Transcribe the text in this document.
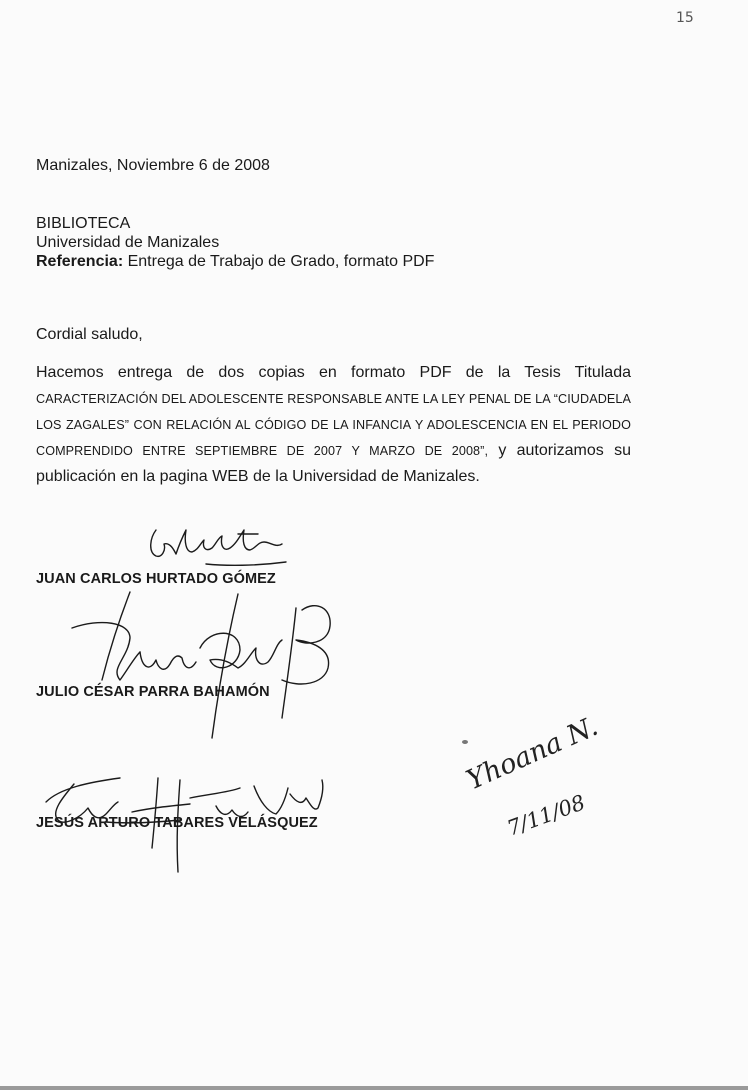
15
Manizales, Noviembre 6 de 2008
BIBLIOTECA
Universidad de Manizales
Referencia: Entrega de Trabajo de Grado, formato PDF
Cordial saludo,
Hacemos entrega de dos copias en formato PDF de la Tesis Titulada CARACTERIZACIÓN DEL ADOLESCENTE RESPONSABLE ANTE LA LEY PENAL DE LA “CIUDADELA LOS ZAGALES” CON RELACIÓN AL CÓDIGO DE LA INFANCIA Y ADOLESCENCIA EN EL PERIODO COMPRENDIDO ENTRE SEPTIEMBRE DE 2007 Y MARZO DE 2008”, y autorizamos su publicación en la pagina WEB de la Universidad de Manizales.
JUAN CARLOS HURTADO GÓMEZ
JULIO CÉSAR PARRA BAHAMÓN
JESÚS ARTURO TABARES VELÁSQUEZ
Yhoana N.
7/11/08
